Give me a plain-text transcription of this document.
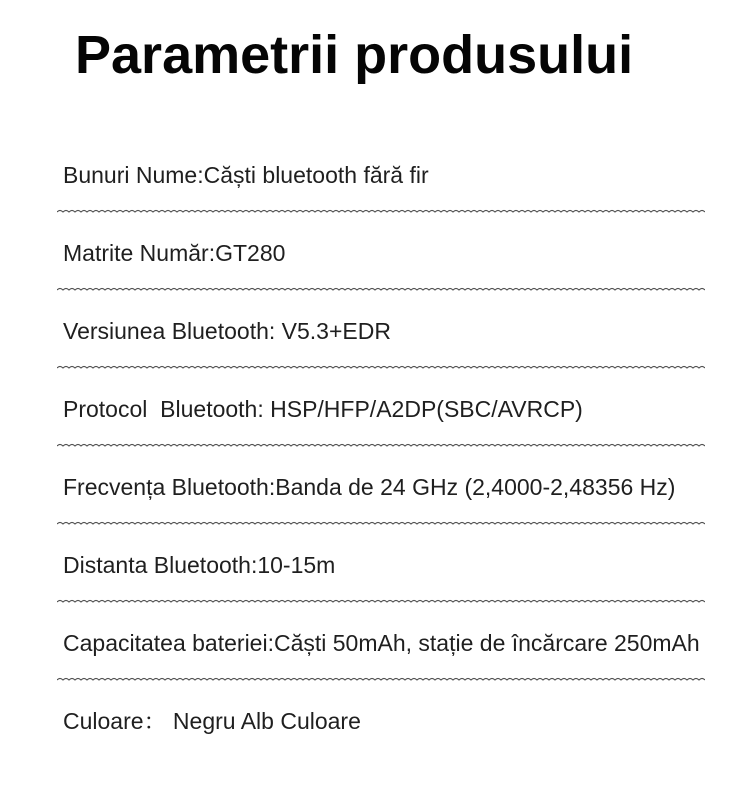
Parametrii produsului
Bunuri Nume:Căști bluetooth fără fir
Matrite Număr:GT280
Versiunea Bluetooth: V5.3+EDR
Protocol  Bluetooth: HSP/HFP/A2DP(SBC/AVRCP)
Frecvența Bluetooth:Banda de 24 GHz (2,4000-2,48356 Hz)
Distanta Bluetooth:10-15m
Capacitatea bateriei:Căști 50mAh, stație de încărcare 250mAh
Culoare： Negru Alb Culoare
